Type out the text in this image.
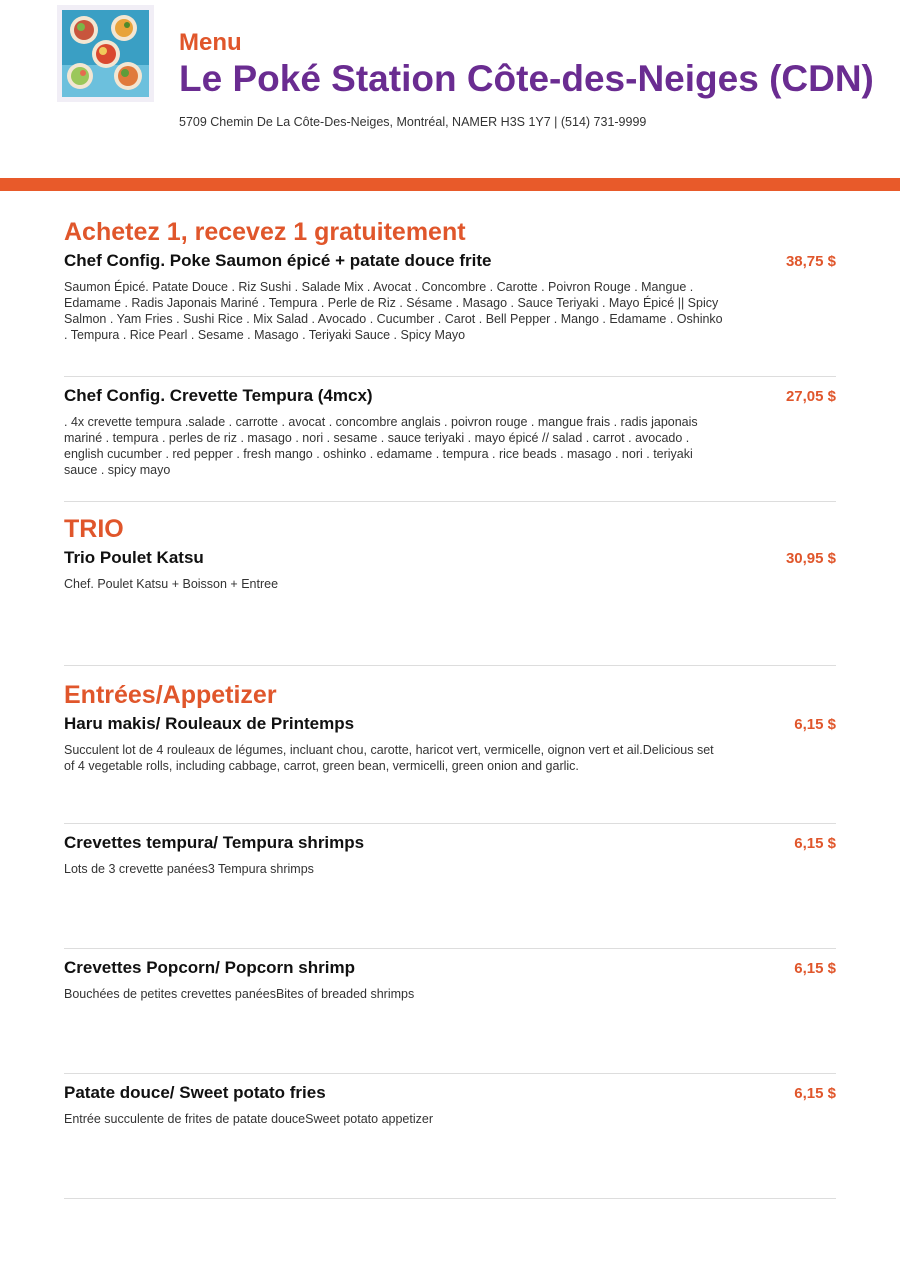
Menu
Le Poké Station Côte-des-Neiges (CDN)
5709 Chemin De La Côte-Des-Neiges, Montréal, NAMER H3S 1Y7 | (514) 731-9999
Achetez 1, recevez 1 gratuitement
Chef Config. Poke Saumon épicé + patate douce frite	38,75 $
Saumon Épicé. Patate Douce . Riz Sushi . Salade Mix . Avocat . Concombre . Carotte . Poivron Rouge . Mangue . Edamame . Radis Japonais Mariné . Tempura . Perle de Riz . Sésame . Masago . Sauce Teriyaki . Mayo Épicé || Spicy Salmon . Yam Fries . Sushi Rice . Mix Salad . Avocado . Cucumber . Carot . Bell Pepper . Mango . Edamame . Oshinko . Tempura . Rice Pearl . Sesame . Masago . Teriyaki Sauce . Spicy Mayo
Chef Config. Crevette Tempura (4mcx)	27,05 $
. 4x crevette tempura .salade . carrotte . avocat . concombre anglais . poivron rouge . mangue frais . radis japonais mariné . tempura . perles de riz . masago . nori . sesame . sauce teriyaki . mayo épicé // salad . carrot . avocado . english cucumber . red pepper . fresh mango . oshinko . edamame . tempura . rice beads . masago . nori . teriyaki sauce . spicy mayo
TRIO
Trio Poulet Katsu	30,95 $
Chef. Poulet Katsu + Boisson + Entree
Entrées/Appetizer
Haru makis/ Rouleaux de Printemps	6,15 $
Succulent lot de 4 rouleaux de légumes, incluant chou, carotte, haricot vert, vermicelle, oignon vert et ail.Delicious set of 4 vegetable rolls, including cabbage, carrot, green bean, vermicelli, green onion and garlic.
Crevettes tempura/ Tempura shrimps	6,15 $
Lots de 3 crevette panées3 Tempura shrimps
Crevettes Popcorn/ Popcorn shrimp	6,15 $
Bouchées de petites crevettes panéesBites of breaded shrimps
Patate douce/ Sweet potato fries	6,15 $
Entrée succulente de frites de patate douceSweet potato appetizer
